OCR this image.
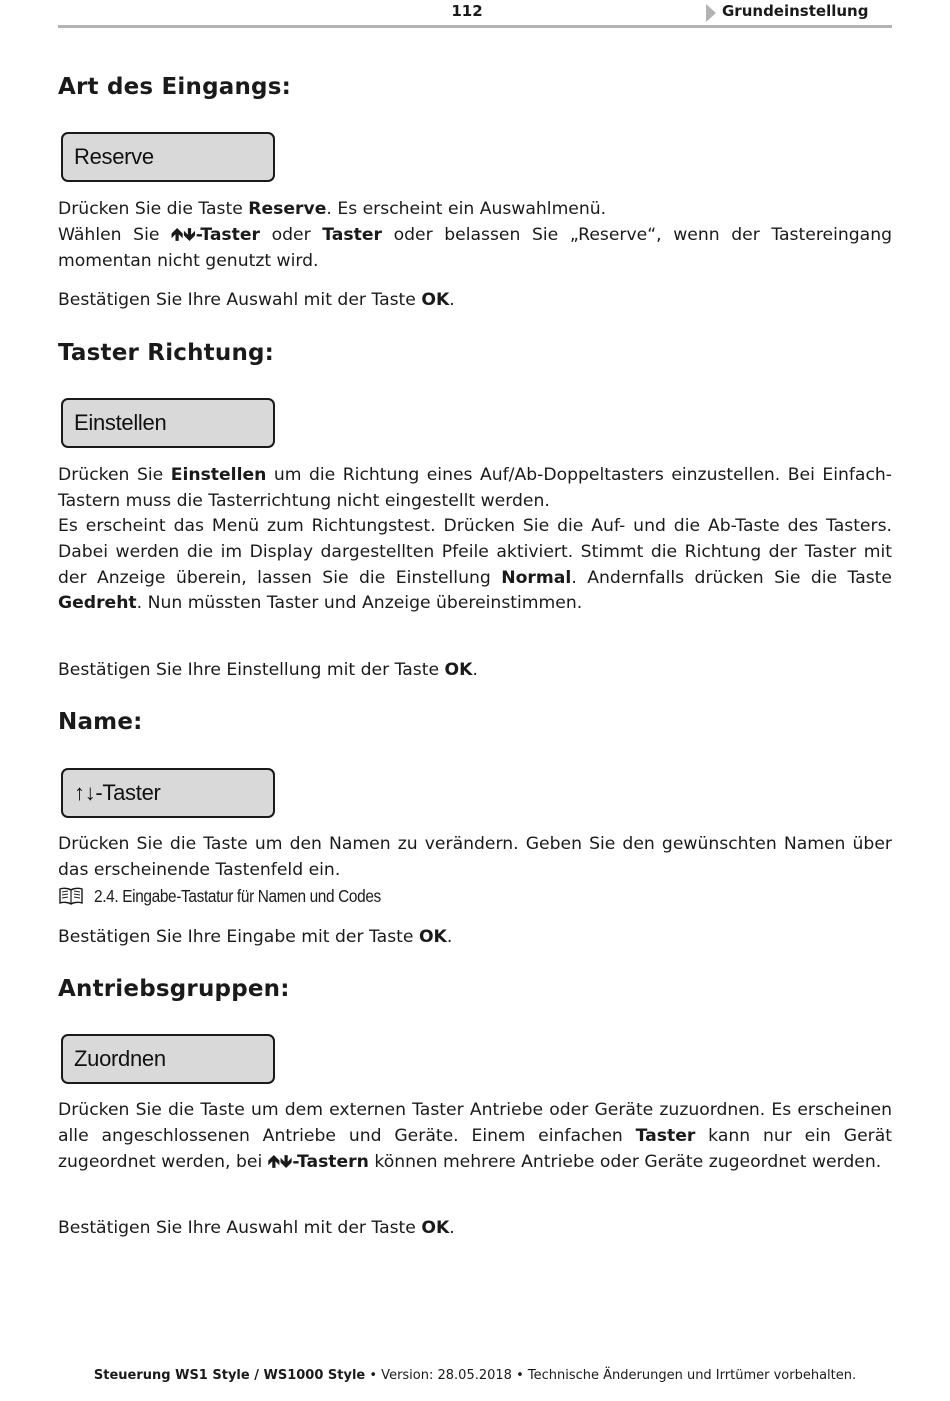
112	Grundeinstellung
Art des Eingangs:
Reserve
Drücken Sie die Taste Reserve. Es erscheint ein Auswahlmenü.
Wählen Sie 🡹🡻-Taster oder Taster oder belassen Sie „Reserve“, wenn der Tastereingang momentan nicht genutzt wird.
Bestätigen Sie Ihre Auswahl mit der Taste OK.
Taster Richtung:
Einstellen
Drücken Sie Einstellen um die Richtung eines Auf/Ab-Doppeltasters einzustellen. Bei Einfach-Tastern muss die Tasterrichtung nicht eingestellt werden.
Es erscheint das Menü zum Richtungstest. Drücken Sie die Auf- und die Ab-Taste des Tasters. Dabei werden die im Display dargestellten Pfeile aktiviert. Stimmt die Richtung der Taster mit der Anzeige überein, lassen Sie die Einstellung Normal. Andernfalls drücken Sie die Taste Gedreht. Nun müssten Taster und Anzeige übereinstimmen.
Bestätigen Sie Ihre Einstellung mit der Taste OK.
Name:
↑↓-Taster
Drücken Sie die Taste um den Namen zu verändern. Geben Sie den gewünschten Namen über das erscheinende Tastenfeld ein.
2.4. Eingabe-Tastatur für Namen und Codes
Bestätigen Sie Ihre Eingabe mit der Taste OK.
Antriebsgruppen:
Zuordnen
Drücken Sie die Taste um dem externen Taster Antriebe oder Geräte zuzuordnen. Es erscheinen alle angeschlossenen Antriebe und Geräte. Einem einfachen Taster kann nur ein Gerät zugeordnet werden, bei 🡹🡻-Tastern können mehrere Antriebe oder Geräte zugeordnet werden.
Bestätigen Sie Ihre Auswahl mit der Taste OK.
Steuerung WS1 Style / WS1000 Style • Version: 28.05.2018 • Technische Änderungen und Irrtümer vorbehalten.
